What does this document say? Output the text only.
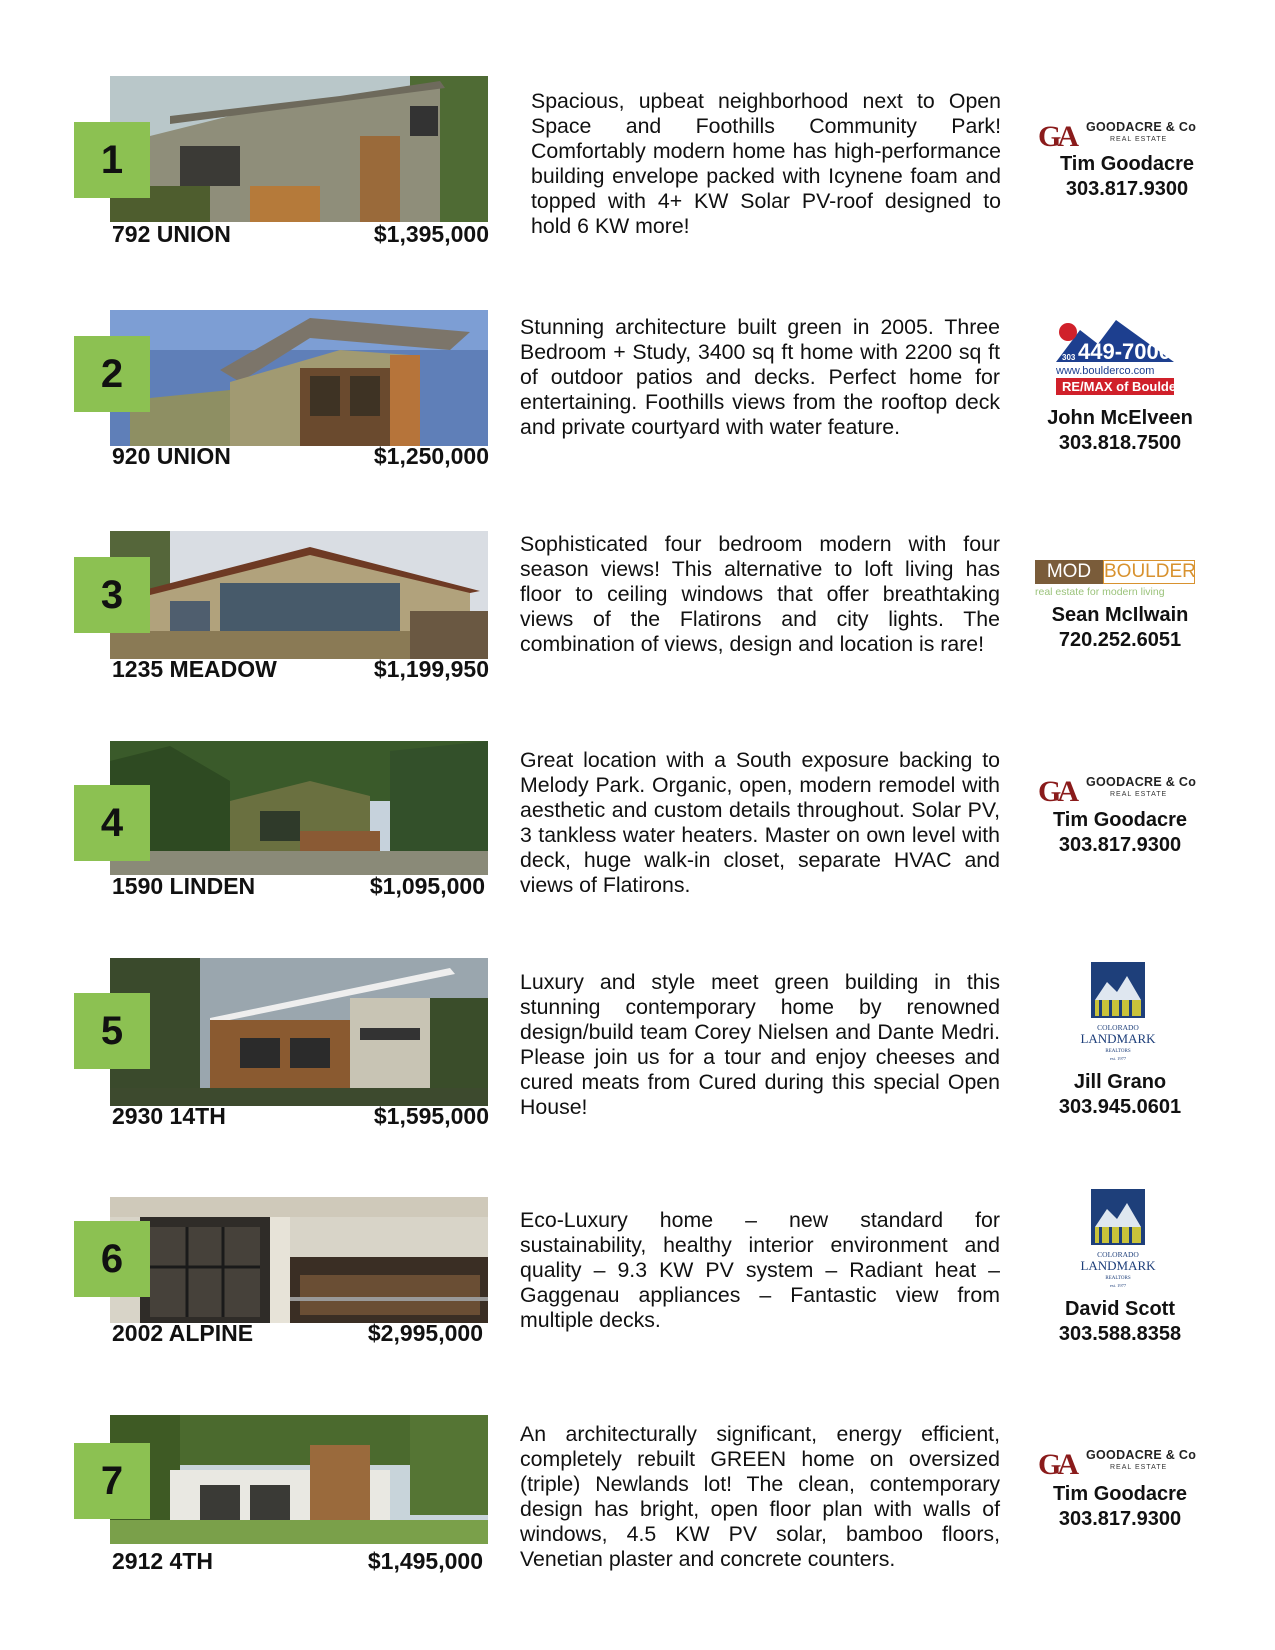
1
792 UNION	$1,395,000
Spacious, upbeat neighborhood next to Open Space and Foothills Community Park! Comfortably modern home has high-performance building envelope packed with Icynene foam and topped with 4+ KW Solar PV-roof designed to hold 6 KW more!
GA GOODACRE & Co
REAL ESTATE
Tim Goodacre
303.817.9300
2
920 UNION	$1,250,000
Stunning architecture built green in 2005. Three Bedroom + Study, 3400 sq ft home with 2200 sq ft of outdoor patios and decks. Perfect home for entertaining. Foothills views from the rooftop deck and private courtyard with water feature.
303 449-7000
www.boulderco.com
RE/MAX of Boulder
John McElveen
303.818.7500
3
1235 MEADOW	$1,199,950
Sophisticated four bedroom modern with four season views! This alternative to loft living has floor to ceiling windows that offer breathtaking views of the Flatirons and city lights. The combination of views, design and location is rare!
MOD BOULDER
real estate for modern living
Sean McIlwain
720.252.6051
4
1590 LINDEN	$1,095,000
Great location with a South exposure backing to Melody Park. Organic, open, modern remodel with aesthetic and custom details throughout. Solar PV, 3 tankless water heaters. Master on own level with deck, huge walk-in closet, separate HVAC and views of Flatirons.
GA GOODACRE & Co
REAL ESTATE
Tim Goodacre
303.817.9300
5
2930 14TH	$1,595,000
Luxury and style meet green building in this stunning contemporary home by renowned design/build team Corey Nielsen and Dante Medri. Please join us for a tour and enjoy cheeses and cured meats from Cured during this special Open House!
COLORADO
LANDMARK
REALTORS
est. 1977
Jill Grano
303.945.0601
6
2002 ALPINE	$2,995,000
Eco-Luxury home – new standard for sustainability, healthy interior environment and quality – 9.3 KW PV system – Radiant heat – Gaggenau appliances – Fantastic view from multiple decks.
COLORADO
LANDMARK
REALTORS
est. 1977
David Scott
303.588.8358
7
2912 4TH	$1,495,000
An architecturally significant, energy efficient, completely rebuilt GREEN home on oversized (triple) Newlands lot! The clean, contemporary design has bright, open floor plan with walls of windows, 4.5 KW PV solar, bamboo floors, Venetian plaster and concrete counters.
GA GOODACRE & Co
REAL ESTATE
Tim Goodacre
303.817.9300
